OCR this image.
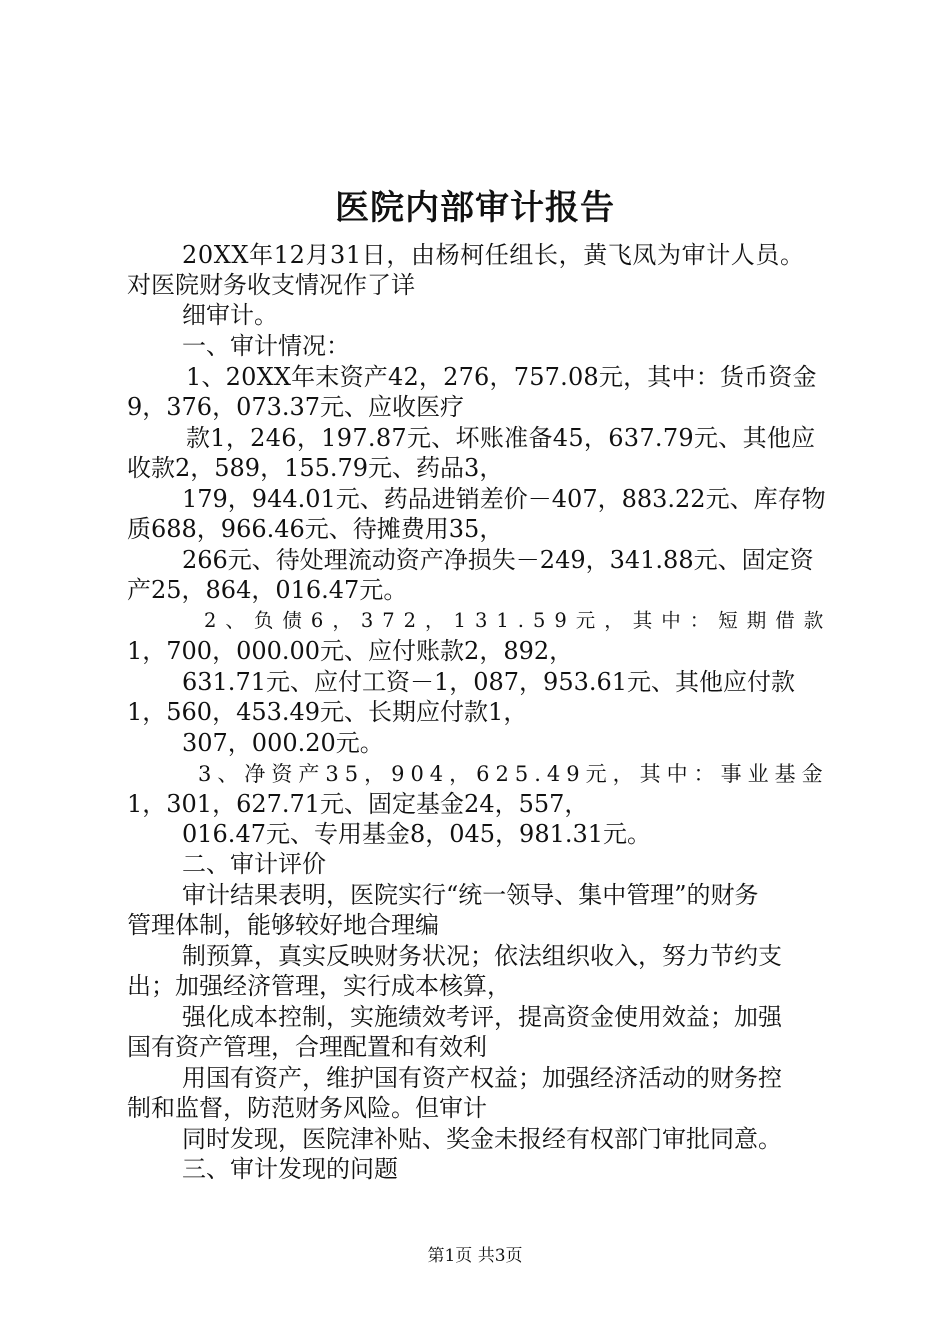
医院内部审计报告
20XX年12月31日，由杨柯任组长，黄飞凤为审计人员。
对医院财务收支情况作了详
细审计。
一、审计情况：
1、20XX年末资产42，276，757.08元，其中：货币资金
9，376，073.37元、应收医疗
款1，246，197.87元、坏账准备45，637.79元、其他应
收款2，589，155.79元、药品3，
179，944.01元、药品进销差价－407，883.22元、库存物
质688，966.46元、待摊费用35，
266元、待处理流动资产净损失－249，341.88元、固定资
产25，864，016.47元。
2、负债6，372，131.59元，其中：短期借款
1，700，000.00元、应付账款2，892，
631.71元、应付工资－1，087，953.61元、其他应付款
1，560，453.49元、长期应付款1，
307，000.20元。
3、净资产35，904，625.49元，其中：事业基金
1，301，627.71元、固定基金24，557，
016.47元、专用基金8，045，981.31元。
二、审计评价
审计结果表明，医院实行“统一领导、集中管理”的财务
管理体制，能够较好地合理编
制预算，真实反映财务状况；依法组织收入，努力节约支
出；加强经济管理，实行成本核算，
强化成本控制，实施绩效考评，提高资金使用效益；加强
国有资产管理，合理配置和有效利
用国有资产，维护国有资产权益；加强经济活动的财务控
制和监督，防范财务风险。但审计
同时发现，医院津补贴、奖金未报经有权部门审批同意。
三、审计发现的问题
第1页 共3页
